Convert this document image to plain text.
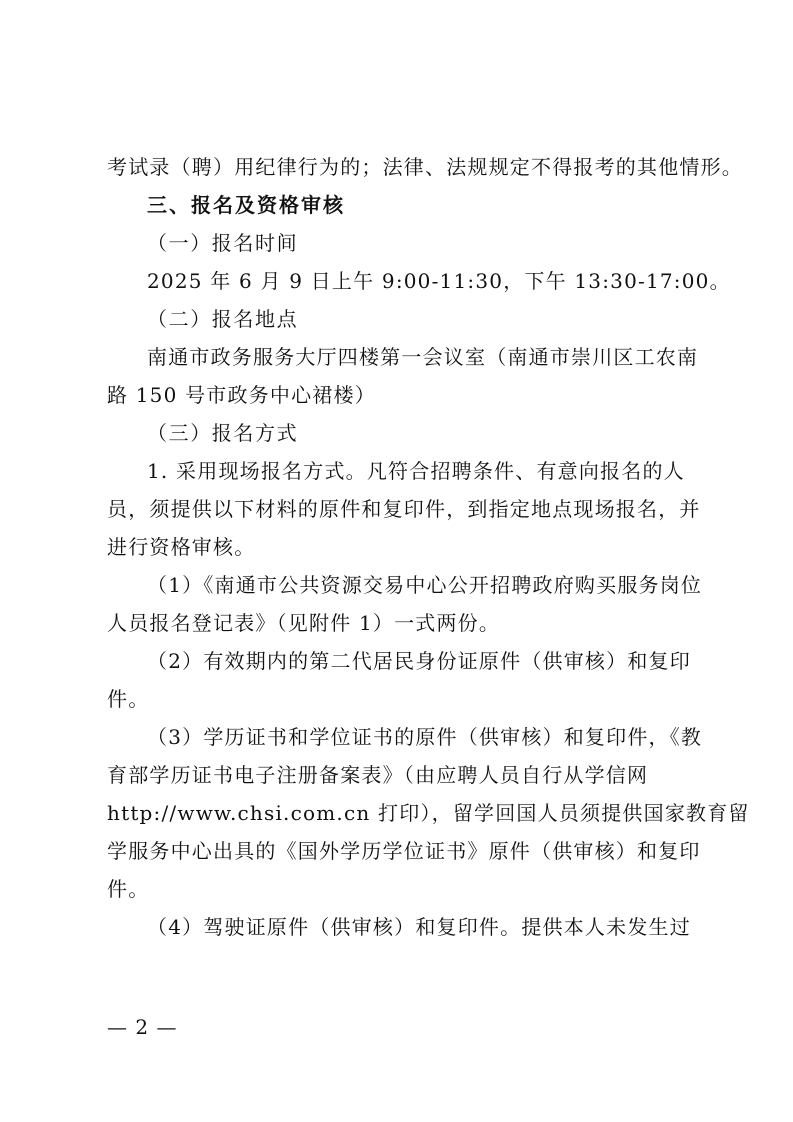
考试录（聘）用纪律行为的；法律、法规规定不得报考的其他情形。
三、报名及资格审核
（一）报名时间
2025 年 6 月 9 日上午 9:00-11:30，下午 13:30-17:00。
（二）报名地点
南通市政务服务大厅四楼第一会议室（南通市崇川区工农南
路 150 号市政务中心裙楼）
（三）报名方式
1. 采用现场报名方式。凡符合招聘条件、有意向报名的人
员，须提供以下材料的原件和复印件，到指定地点现场报名，并
进行资格审核。
（1）《南通市公共资源交易中心公开招聘政府购买服务岗位
人员报名登记表》（见附件 1）一式两份。
（2）有效期内的第二代居民身份证原件（供审核）和复印
件。
（3）学历证书和学位证书的原件（供审核）和复印件，《教
育部学历证书电子注册备案表》（由应聘人员自行从学信网
http://www.chsi.com.cn 打印），留学回国人员须提供国家教育留
学服务中心出具的《国外学历学位证书》原件（供审核）和复印
件。
（4）驾驶证原件（供审核）和复印件。提供本人未发生过
— 2 —
